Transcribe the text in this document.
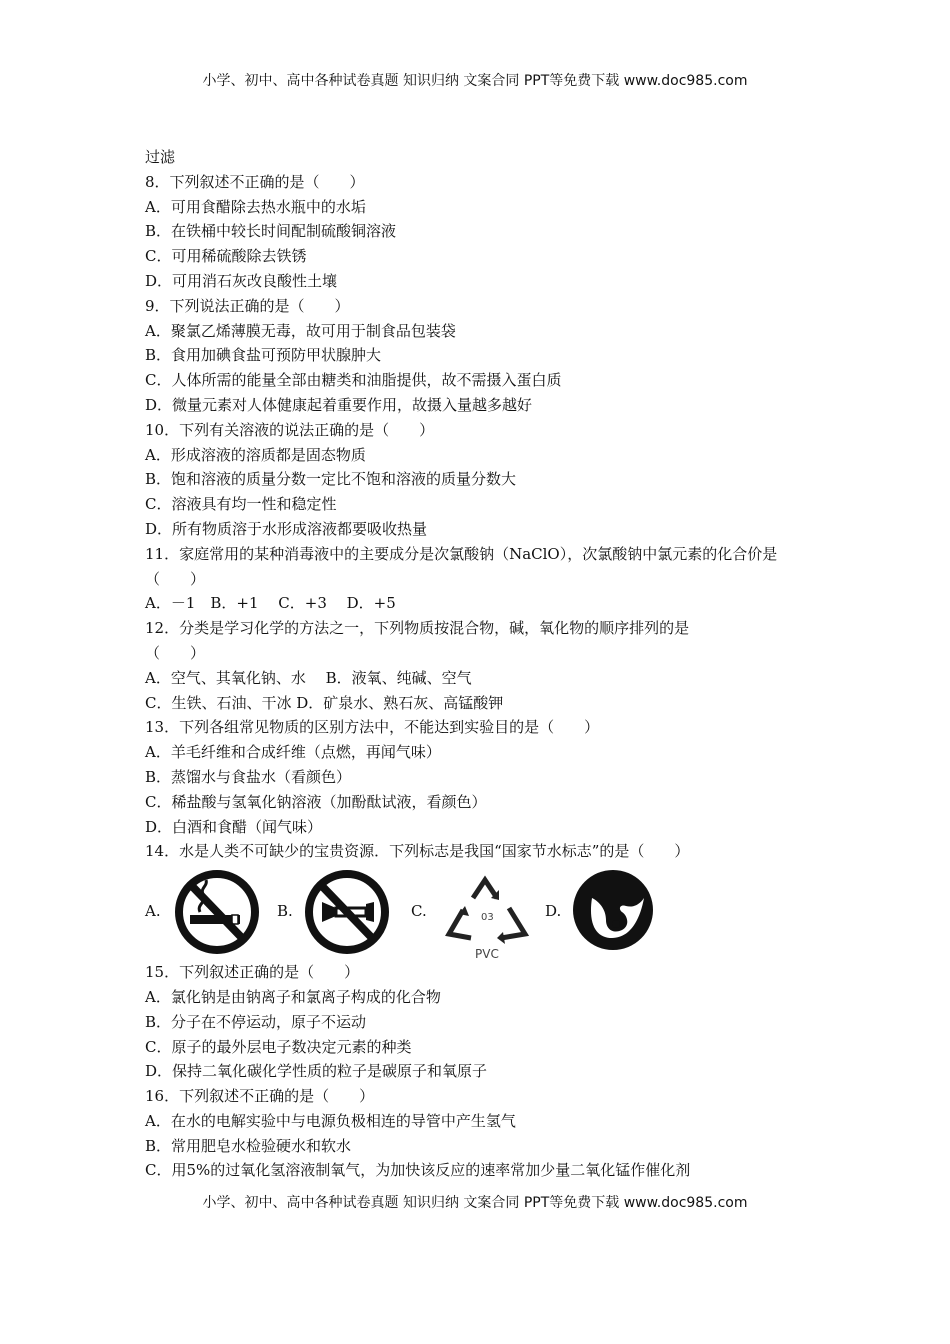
小学、初中、高中各种试卷真题 知识归纳 文案合同 PPT等免费下载 www.doc985.com
过滤
8．下列叙述不正确的是（　　）
A．可用食醋除去热水瓶中的水垢
B．在铁桶中较长时间配制硫酸铜溶液
C．可用稀硫酸除去铁锈
D．可用消石灰改良酸性土壤
9．下列说法正确的是（　　）
A．聚氯乙烯薄膜无毒，故可用于制食品包装袋
B．食用加碘食盐可预防甲状腺肿大
C．人体所需的能量全部由糖类和油脂提供，故不需摄入蛋白质
D．微量元素对人体健康起着重要作用，故摄入量越多越好
10．下列有关溶液的说法正确的是（　　）
A．形成溶液的溶质都是固态物质
B．饱和溶液的质量分数一定比不饱和溶液的质量分数大
C．溶液具有均一性和稳定性
D．所有物质溶于水形成溶液都要吸收热量
11．家庭常用的某种消毒液中的主要成分是次氯酸钠（NaClO），次氯酸钠中氯元素的化合价是（　　）
A．－1　B．+1　 C．+3　 D．+5
12．分类是学习化学的方法之一，下列物质按混合物，碱，氧化物的顺序排列的是
（　　）
A．空气、其氧化钠、水　 B．液氧、纯碱、空气
C．生铁、石油、干冰 D．矿泉水、熟石灰、高锰酸钾
13．下列各组常见物质的区别方法中，不能达到实验目的是（　　）
A．羊毛纤维和合成纤维（点燃，再闻气味）
B．蒸馏水与食盐水（看颜色）
C．稀盐酸与氢氧化钠溶液（加酚酞试液，看颜色）
D．白酒和食醋（闻气味）
14．水是人类不可缺少的宝贵资源．下列标志是我国“国家节水标志”的是（　　）
A.	B.	C.	03
PVC
D.
15．下列叙述正确的是（　　）
A．氯化钠是由钠离子和氯离子构成的化合物
B．分子在不停运动，原子不运动
C．原子的最外层电子数决定元素的种类
D．保持二氧化碳化学性质的粒子是碳原子和氧原子
16．下列叙述不正确的是（　　）
A．在水的电解实验中与电源负极相连的导管中产生氢气
B．常用肥皂水检验硬水和软水
C．用5%的过氧化氢溶液制氧气，为加快该反应的速率常加少量二氧化锰作催化剂
小学、初中、高中各种试卷真题 知识归纳 文案合同 PPT等免费下载 www.doc985.com
